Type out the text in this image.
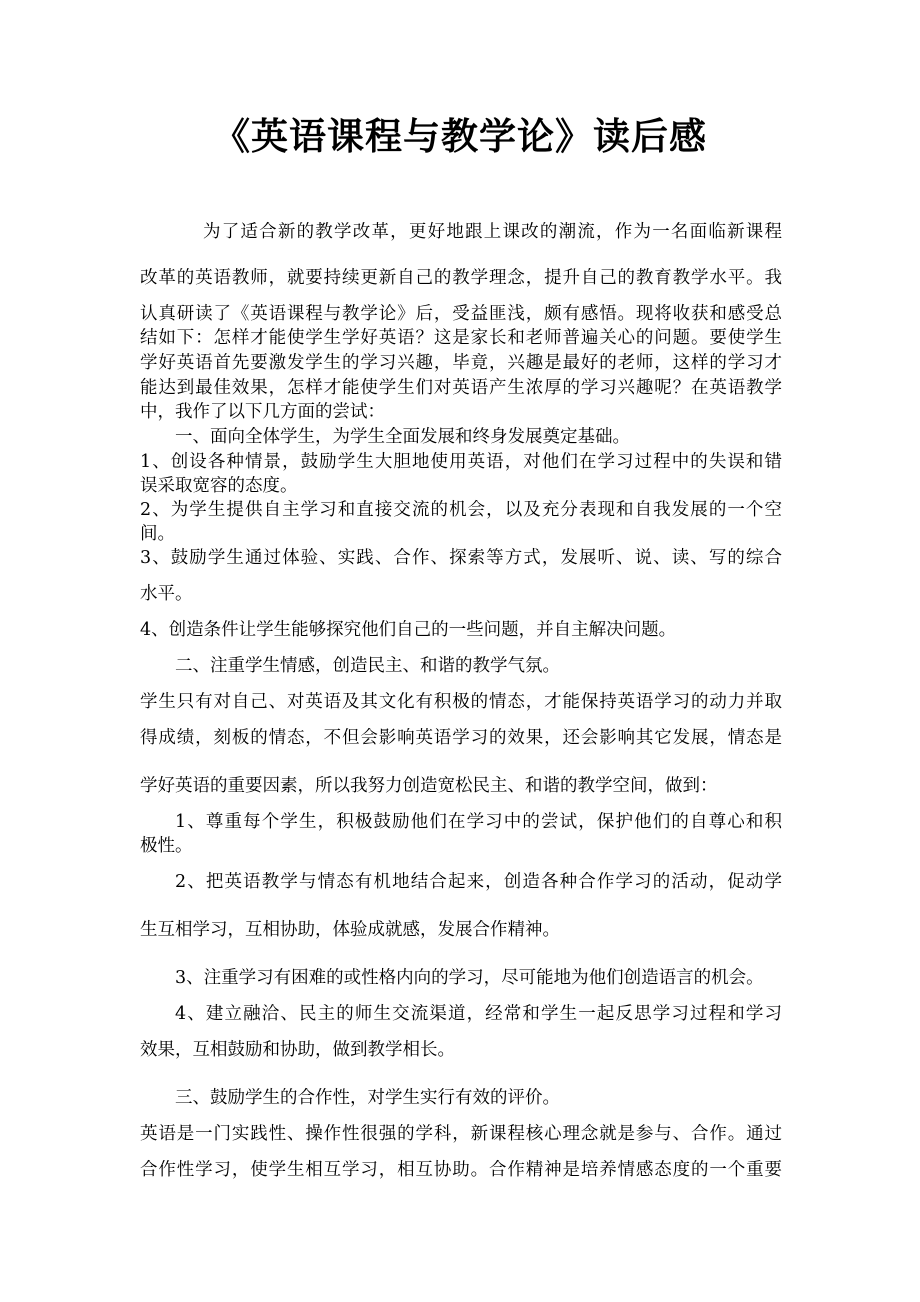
《英语课程与教学论》读后感
为了适合新的教学改革，更好地跟上课改的潮流，作为一名面临新课程
改革的英语教师，就要持续更新自己的教学理念，提升自己的教育教学水平。我
认真研读了《英语课程与教学论》后，受益匪浅，颇有感悟。现将收获和感受总
结如下：怎样才能使学生学好英语？这是家长和老师普遍关心的问题。要使学生
学好英语首先要激发学生的学习兴趣，毕竟，兴趣是最好的老师，这样的学习才
能达到最佳效果，怎样才能使学生们对英语产生浓厚的学习兴趣呢？在英语教学
中，我作了以下几方面的尝试：
一、面向全体学生，为学生全面发展和终身发展奠定基础。
1、创设各种情景，鼓励学生大胆地使用英语，对他们在学习过程中的失误和错
误采取宽容的态度。
2、为学生提供自主学习和直接交流的机会，以及充分表现和自我发展的一个空
间。
3、鼓励学生通过体验、实践、合作、探索等方式，发展听、说、读、写的综合
水平。
4、创造条件让学生能够探究他们自己的一些问题，并自主解决问题。
二、注重学生情感，创造民主、和谐的教学气氛。
学生只有对自己、对英语及其文化有积极的情态，才能保持英语学习的动力并取
得成绩，刻板的情态，不但会影响英语学习的效果，还会影响其它发展，情态是
学好英语的重要因素，所以我努力创造宽松民主、和谐的教学空间，做到：
1、尊重每个学生，积极鼓励他们在学习中的尝试，保护他们的自尊心和积
极性。
2、把英语教学与情态有机地结合起来，创造各种合作学习的活动，促动学
生互相学习，互相协助，体验成就感，发展合作精神。
3、注重学习有困难的或性格内向的学习，尽可能地为他们创造语言的机会。
4、建立融洽、民主的师生交流渠道，经常和学生一起反思学习过程和学习
效果，互相鼓励和协助，做到教学相长。
三、鼓励学生的合作性，对学生实行有效的评价。
英语是一门实践性、操作性很强的学科，新课程核心理念就是参与、合作。通过
合作性学习，使学生相互学习，相互协助。合作精神是培养情感态度的一个重要
